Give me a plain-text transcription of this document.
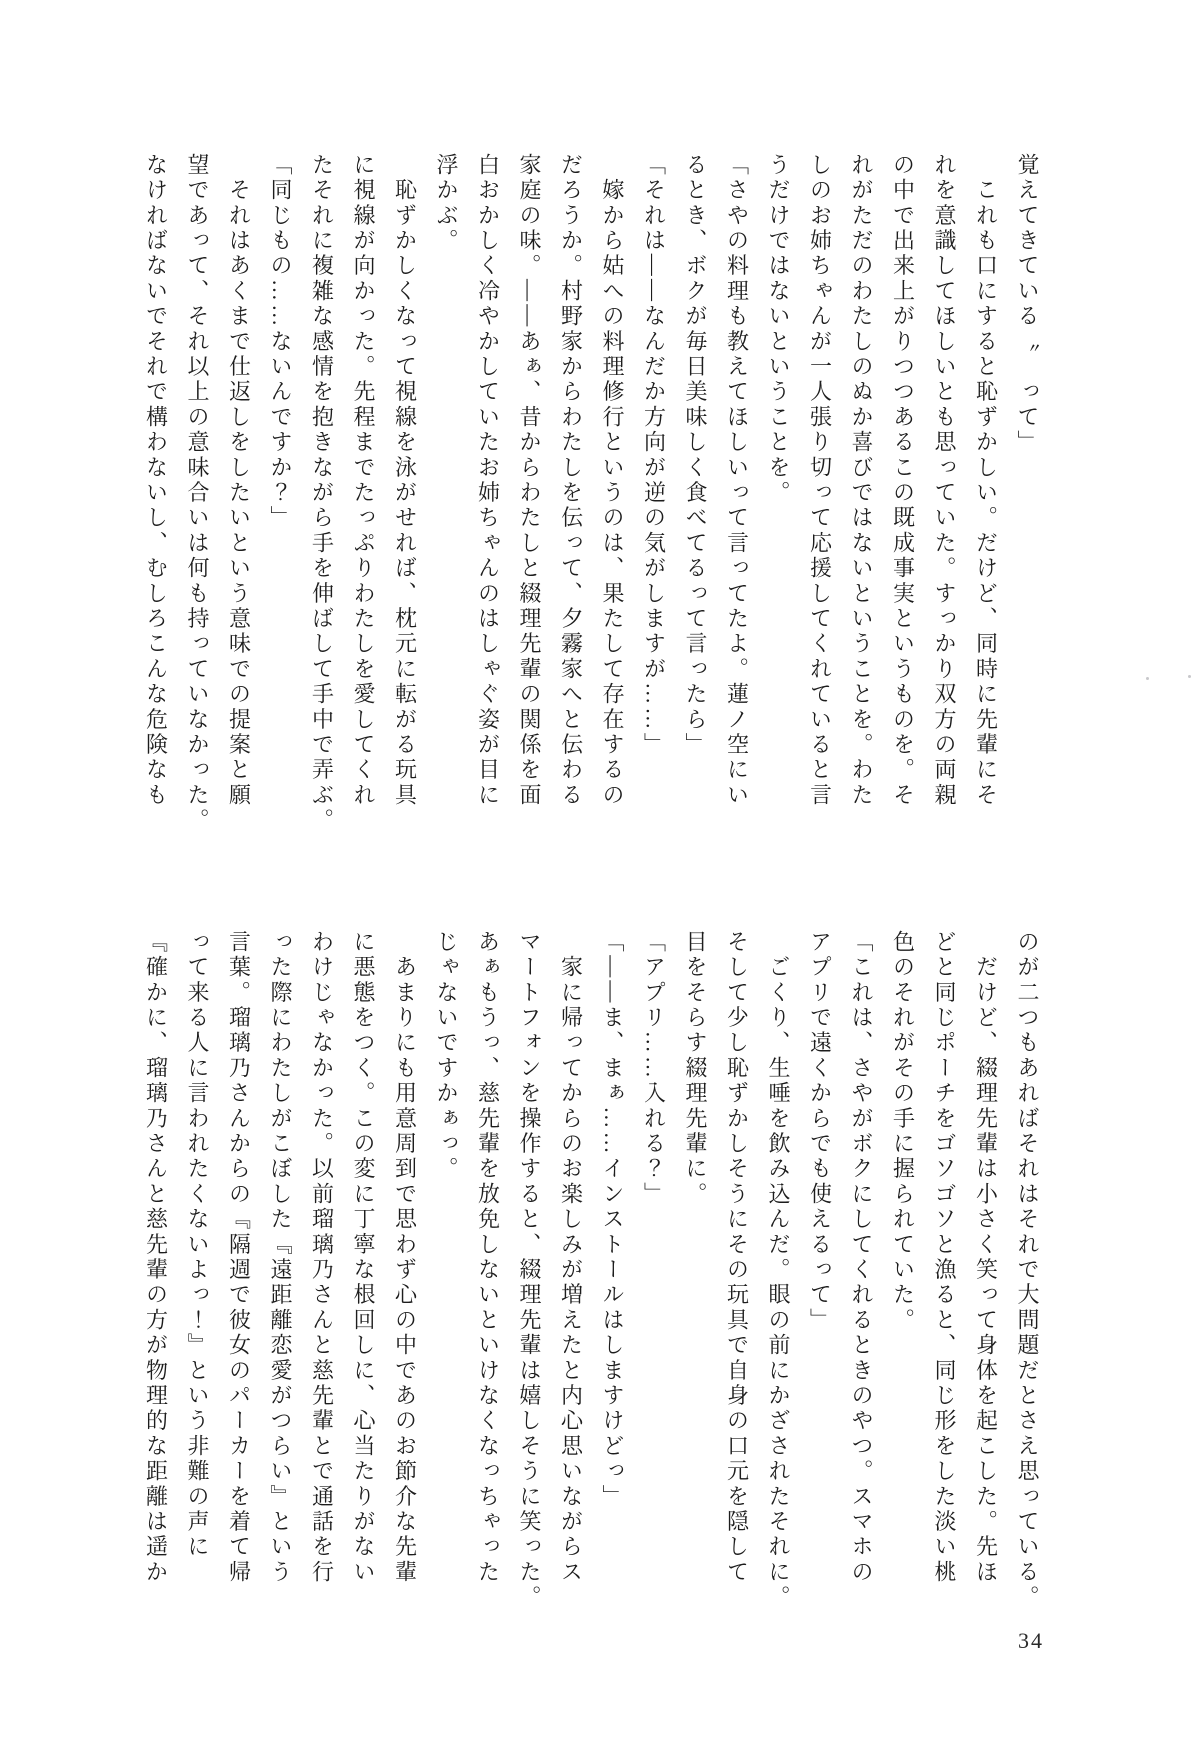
覚えてきている〝　って」

　これも口にすると恥ずかしい。だけど、同時に先輩にそ

れを意識してほしいとも思っていた。すっかり双方の両親

の中で出来上がりつつあるこの既成事実というものを。そ

れがただのわたしのぬか喜びではないということを。わた

しのお姉ちゃんが一人張り切って応援してくれていると言

うだけではないということを。

「さやの料理も教えてほしいって言ってたよ。蓮ノ空にい

るとき、ボクが毎日美味しく食べてるって言ったら」

「それは――なんだか方向が逆の気がしますが……」

　嫁から姑への料理修行というのは、果たして存在するの

だろうか。村野家からわたしを伝って、夕霧家へと伝わる

家庭の味。――あぁ、昔からわたしと綴理先輩の関係を面

白おかしく冷やかしていたお姉ちゃんのはしゃぐ姿が目に

浮かぶ。

　恥ずかしくなって視線を泳がせれば、枕元に転がる玩具

に視線が向かった。先程までたっぷりわたしを愛してくれ

たそれに複雑な感情を抱きながら手を伸ばして手中で弄ぶ。

「同じもの……ないんですか？」

　それはあくまで仕返しをしたいという意味での提案と願

望であって、それ以上の意味合いは何も持っていなかった。

なければないでそれで構わないし、むしろこんな危険なも

のが二つもあればそれはそれで大問題だとさえ思っている。

　だけど、綴理先輩は小さく笑って身体を起こした。先ほ

どと同じポーチをゴソゴソと漁ると、同じ形をした淡い桃

色のそれがその手に握られていた。

「これは、さやがボクにしてくれるときのやつ。スマホの

アプリで遠くからでも使えるって」

　ごくり、生唾を飲み込んだ。眼の前にかざされたそれに。

そして少し恥ずかしそうにその玩具で自身の口元を隠して

目をそらす綴理先輩に。

「アプリ……入れる？」

「――ま、まぁ……インストールはしますけどっ」

　家に帰ってからのお楽しみが増えたと内心思いながらス

マートフォンを操作すると、綴理先輩は嬉しそうに笑った。

あぁもうっ、慈先輩を放免しないといけなくなっちゃった

じゃないですかぁっ。

　あまりにも用意周到で思わず心の中であのお節介な先輩

に悪態をつく。この変に丁寧な根回しに、心当たりがない

わけじゃなかった。以前瑠璃乃さんと慈先輩とで通話を行

った際にわたしがこぼした『遠距離恋愛がつらい』という

言葉。瑠璃乃さんからの『隔週で彼女のパーカーを着て帰

って来る人に言われたくないよっ！』という非難の声に

『確かに、瑠璃乃さんと慈先輩の方が物理的な距離は遥か

34
